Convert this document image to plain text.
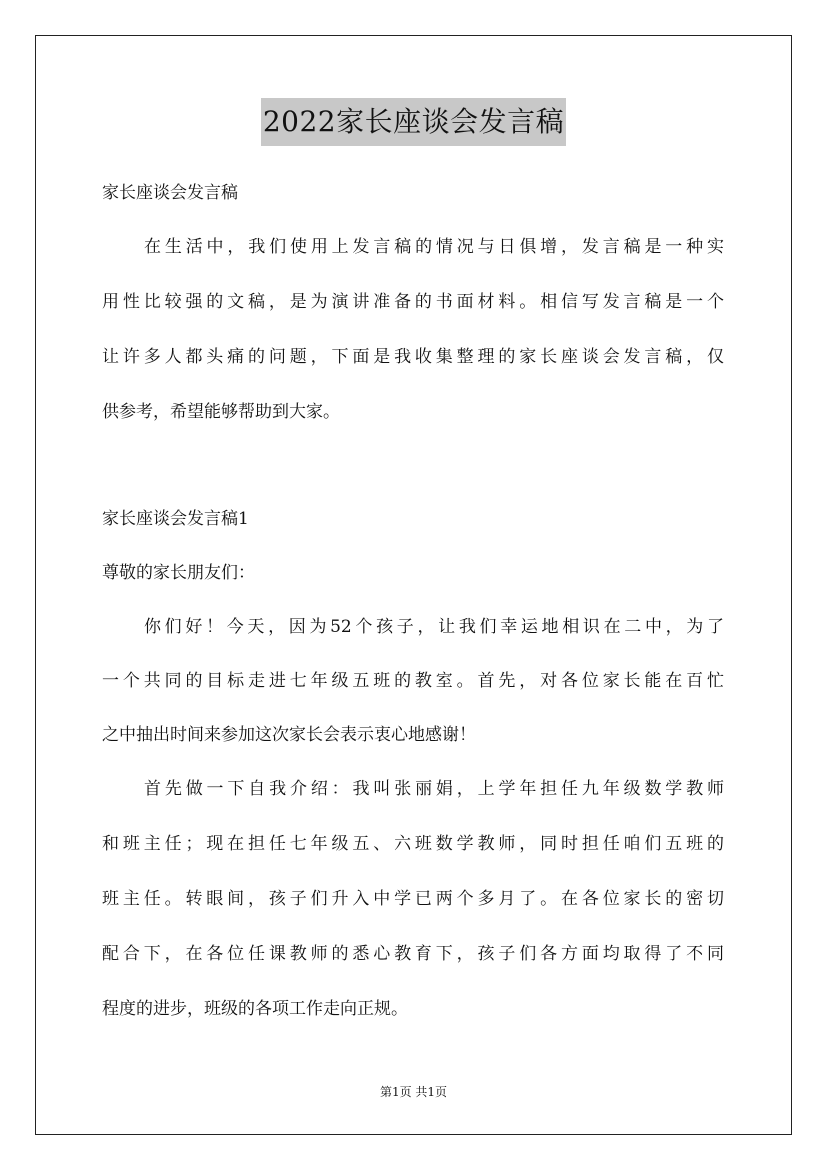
2022家长座谈会发言稿
家长座谈会发言稿
在生活中，我们使用上发言稿的情况与日俱增，发言稿是一种实
用性比较强的文稿，是为演讲准备的书面材料。相信写发言稿是一个
让许多人都头痛的问题，下面是我收集整理的家长座谈会发言稿，仅
供参考，希望能够帮助到大家。
家长座谈会发言稿1
尊敬的家长朋友们：
你们好！今天，因为52个孩子，让我们幸运地相识在二中，为了
一个共同的目标走进七年级五班的教室。首先，对各位家长能在百忙
之中抽出时间来参加这次家长会表示衷心地感谢！
首先做一下自我介绍：我叫张丽娟，上学年担任九年级数学教师
和班主任；现在担任七年级五、六班数学教师，同时担任咱们五班的
班主任。转眼间，孩子们升入中学已两个多月了。在各位家长的密切
配合下，在各位任课教师的悉心教育下，孩子们各方面均取得了不同
程度的进步，班级的各项工作走向正规。
第1页 共1页
